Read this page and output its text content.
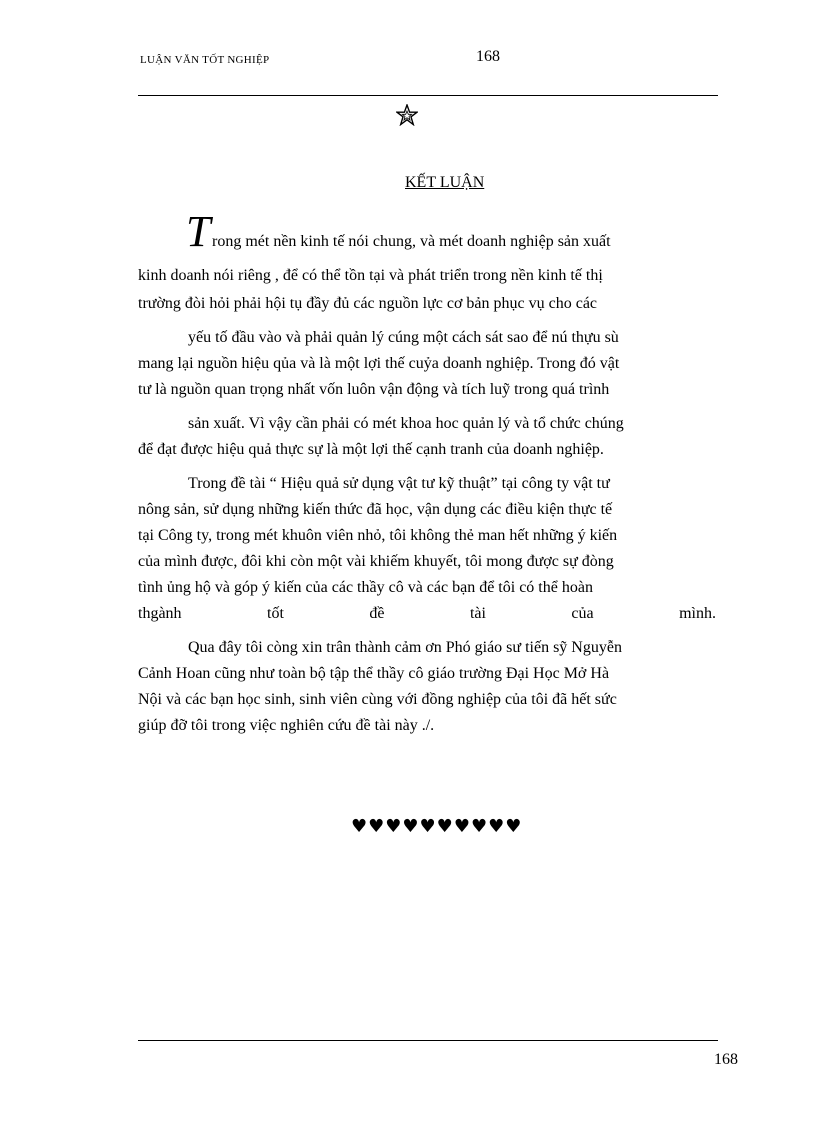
LUẬN VĂN TỐT NGHIỆP	168
KẾT LUẬN
T rong mét nền kinh tế nói chung, và mét doanh nghiệp sản xuất
kinh doanh nói riêng , để có thể tồn tại và phát triển trong nền kinh tế thị
trường đòi hỏi phải hội tụ đầy đủ các nguồn lực cơ bản phục vụ cho các
yếu tố đầu vào và phải quản lý cúng một cách sát sao để nú thựu sù
mang lại nguồn hiệu qủa và là một lợi thế cuỷa doanh nghiệp. Trong đó vật
tư là nguồn quan trọng nhất vốn luôn vận động và tích luỹ trong quá trình
sản xuất. Vì vậy cần phải có mét khoa hoc quản lý và tổ chức chúng
để đạt được hiệu quả thực sự là một lợi thế cạnh tranh của doanh nghiệp.
Trong đề tài “ Hiệu quả sử dụng vật tư kỹ thuật” tại công ty vật tư
nông sản, sử dụng những kiến thức đã học, vận dụng các điều kiện thực tế
tại Công ty, trong mét khuôn viên nhỏ, tôi không thẻ man hết những ý kiến
của mình được, đôi khi còn một vài khiếm khuyết, tôi mong được sự đòng
tình ủng hộ và góp ý kiến của các thầy cô và các bạn để tôi có thể hoàn
thgành	tốt	đề	tài	của	mình.
Qua đây tôi còng xin trân thành cảm ơn Phó giáo sư tiến sỹ Nguyễn
Cảnh Hoan cũng như toàn bộ tập thể thầy cô giáo trường Đại Học Mở Hà
Nội và các bạn học sinh, sinh viên cùng với đồng nghiệp của tôi đã hết sức
giúp đỡ tôi trong việc nghiên cứu đề tài này ./.
♥♥♥♥♥♥♥♥♥♥
168
